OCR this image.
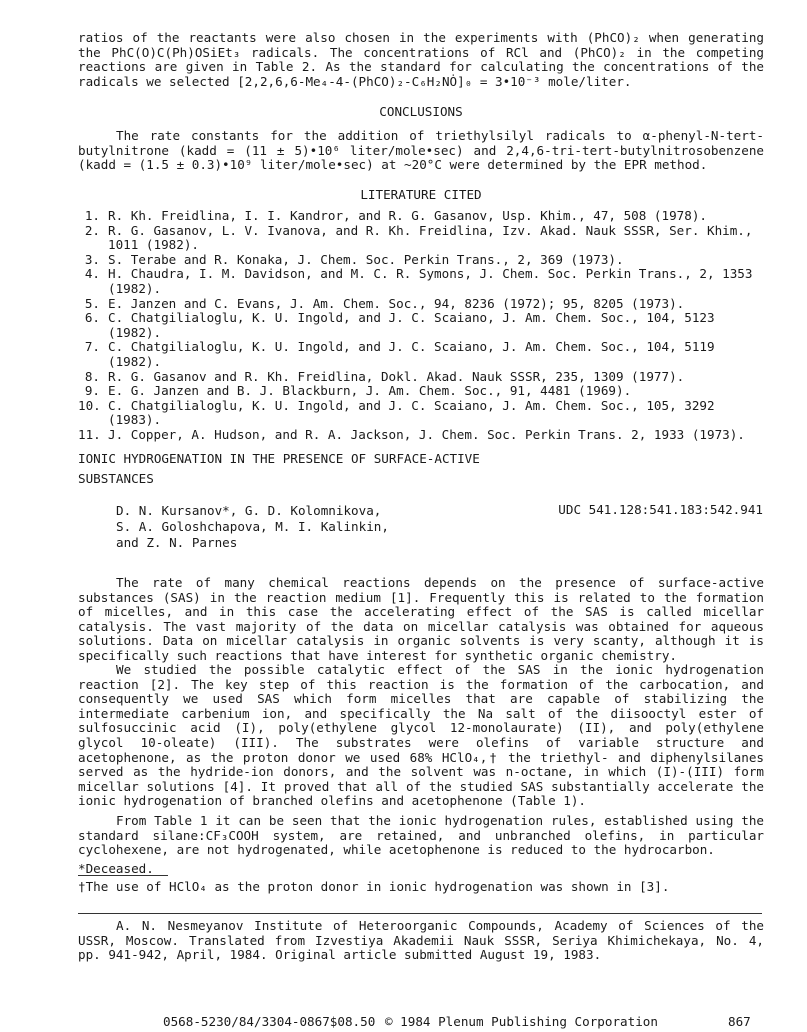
ratios of the reactants were also chosen in the experiments with (PhCO)₂ when generating the PhC(O)C(Ph)OSiEt₃ radicals. The concentrations of RCl and (PhCO)₂ in the competing reactions are given in Table 2. As the standard for calculating the concentrations of the radicals we selected [2,2,6,6-Me₄-4-(PhCO)₂-C₆H₂NȮ]₀ = 3•10⁻³ mole/liter.

CONCLUSIONS

The rate constants for the addition of triethylsilyl radicals to α-phenyl-N-tert-butylnitrone (kadd = (11 ± 5)•10⁶ liter/mole•sec) and 2,4,6-tri-tert-butylnitrosobenzene (kadd = (1.5 ± 0.3)•10⁹ liter/mole•sec) at ~20°C were determined by the EPR method.

LITERATURE CITED

1. R. Kh. Freidlina, I. I. Kandror, and R. G. Gasanov, Usp. Khim., 47, 508 (1978).
2. R. G. Gasanov, L. V. Ivanova, and R. Kh. Freidlina, Izv. Akad. Nauk SSSR, Ser. Khim., 1011 (1982).
3. S. Terabe and R. Konaka, J. Chem. Soc. Perkin Trans., 2, 369 (1973).
4. H. Chaudra, I. M. Davidson, and M. C. R. Symons, J. Chem. Soc. Perkin Trans., 2, 1353 (1982).
5. E. Janzen and C. Evans, J. Am. Chem. Soc., 94, 8236 (1972); 95, 8205 (1973).
6. C. Chatgilialoglu, K. U. Ingold, and J. C. Scaiano, J. Am. Chem. Soc., 104, 5123 (1982).
7. C. Chatgilialoglu, K. U. Ingold, and J. C. Scaiano, J. Am. Chem. Soc., 104, 5119 (1982).
8. R. G. Gasanov and R. Kh. Freidlina, Dokl. Akad. Nauk SSSR, 235, 1309 (1977).
9. E. G. Janzen and B. J. Blackburn, J. Am. Chem. Soc., 91, 4481 (1969).
10. C. Chatgilialoglu, K. U. Ingold, and J. C. Scaiano, J. Am. Chem. Soc., 105, 3292 (1983).
11. J. Copper, A. Hudson, and R. A. Jackson, J. Chem. Soc. Perkin Trans. 2, 1933 (1973).

IONIC HYDROGENATION IN THE PRESENCE OF SURFACE-ACTIVE SUBSTANCES

D. N. Kursanov*, G. D. Kolomnikova,
S. A. Goloshchapova, M. I. Kalinkin,
and Z. N. Parnes
UDC 541.128:541.183:542.941

The rate of many chemical reactions depends on the presence of surface-active substances (SAS) in the reaction medium [1]. Frequently this is related to the formation of micelles, and in this case the accelerating effect of the SAS is called micellar catalysis. The vast majority of the data on micellar catalysis was obtained for aqueous solutions. Data on micellar catalysis in organic solvents is very scanty, although it is specifically such reactions that have interest for synthetic organic chemistry.

We studied the possible catalytic effect of the SAS in the ionic hydrogenation reaction [2]. The key step of this reaction is the formation of the carbocation, and consequently we used SAS which form micelles that are capable of stabilizing the intermediate carbenium ion, and specifically the Na salt of the diisooctyl ester of sulfosuccinic acid (I), poly(ethylene glycol 12-monolaurate) (II), and poly(ethylene glycol 10-oleate) (III). The substrates were olefins of variable structure and acetophenone, as the proton donor we used 68% HClO₄,† the triethyl- and diphenylsilanes served as the hydride-ion donors, and the solvent was n-octane, in which (I)-(III) form micellar solutions [4]. It proved that all of the studied SAS substantially accelerate the ionic hydrogenation of branched olefins and acetophenone (Table 1).

From Table 1 it can be seen that the ionic hydrogenation rules, established using the standard silane:CF₃COOH system, are retained, and unbranched olefins, in particular cyclohexene, are not hydrogenated, while acetophenone is reduced to the hydrocarbon.

*Deceased.

†The use of HClO₄ as the proton donor in ionic hydrogenation was shown in [3].

A. N. Nesmeyanov Institute of Heteroorganic Compounds, Academy of Sciences of the USSR, Moscow. Translated from Izvestiya Akademii Nauk SSSR, Seriya Khimichekaya, No. 4, pp. 941-942, April, 1984. Original article submitted August 19, 1983.

0568-5230/84/3304-0867$08.50 © 1984 Plenum Publishing Corporation	867
